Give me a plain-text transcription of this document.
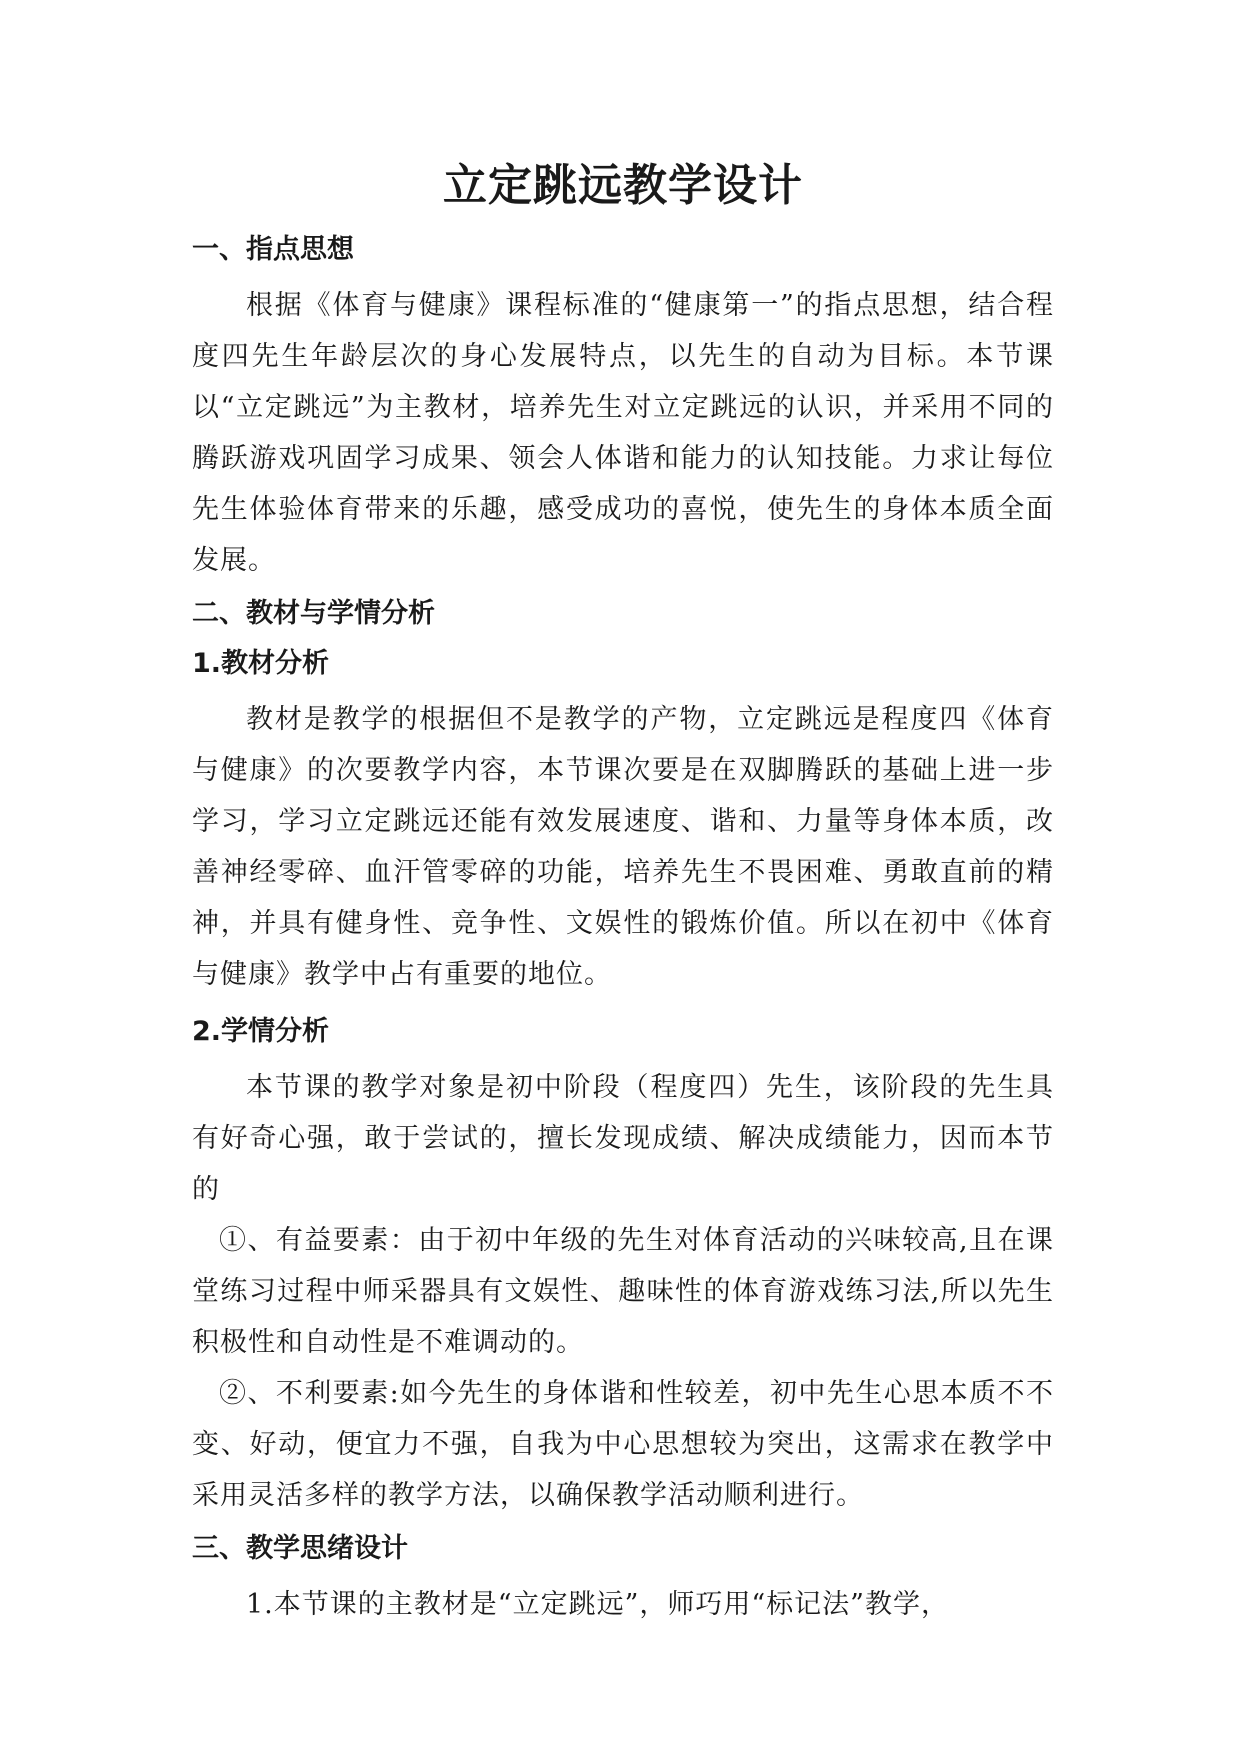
立定跳远教学设计
一、指点思想

根据《体育与健康》课程标准的“健康第一”的指点思想，结合程度四先生年龄层次的身心发展特点，以先生的自动为目标。本节课以“立定跳远”为主教材，培养先生对立定跳远的认识，并采用不同的腾跃游戏巩固学习成果、领会人体谐和能力的认知技能。力求让每位先生体验体育带来的乐趣，感受成功的喜悦，使先生的身体本质全面发展。

二、教材与学情分析
1.教材分析

教材是教学的根据但不是教学的产物，立定跳远是程度四《体育与健康》的次要教学内容，本节课次要是在双脚腾跃的基础上进一步学习，学习立定跳远还能有效发展速度、谐和、力量等身体本质，改善神经零碎、血汗管零碎的功能，培养先生不畏困难、勇敢直前的精神，并具有健身性、竞争性、文娱性的锻炼价值。所以在初中《体育与健康》教学中占有重要的地位。

2.学情分析

本节课的教学对象是初中阶段（程度四）先生，该阶段的先生具有好奇心强，敢于尝试的，擅长发现成绩、解决成绩能力，因而本节的

①、有益要素：由于初中年级的先生对体育活动的兴味较高,且在课堂练习过程中师采器具有文娱性、趣味性的体育游戏练习法,所以先生积极性和自动性是不难调动的。

②、不利要素:如今先生的身体谐和性较差，初中先生心思本质不不变、好动，便宜力不强，自我为中心思想较为突出，这需求在教学中采用灵活多样的教学方法，以确保教学活动顺利进行。

三、教学思绪设计

1.本节课的主教材是“立定跳远”，师巧用“标记法”教学，
